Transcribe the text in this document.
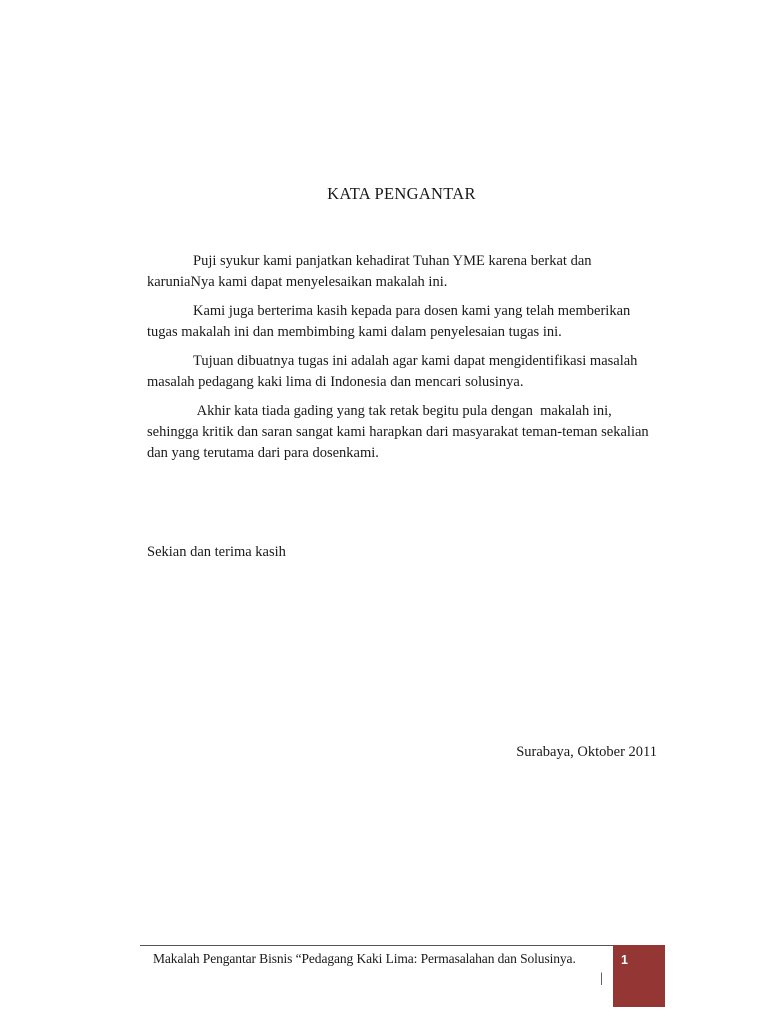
KATA PENGANTAR

Puji syukur kami panjatkan kehadirat Tuhan YME karena berkat dan karuniaNya kami dapat menyelesaikan makalah ini.

Kami juga berterima kasih kepada para dosen kami yang telah memberikan tugas makalah ini dan membimbing kami dalam penyelesaian tugas ini.

Tujuan dibuatnya tugas ini adalah agar kami dapat mengidentifikasi masalah masalah pedagang kaki lima di Indonesia dan mencari solusinya.

Akhir kata tiada gading yang tak retak begitu pula dengan  makalah ini, sehingga kritik dan saran sangat kami harapkan dari masyarakat teman-teman sekalian dan yang terutama dari para dosenkami.

Sekian dan terima kasih
Surabaya, Oktober 2011
Makalah Pengantar Bisnis “Pedagang Kaki Lima: Permasalahan dan Solusinya.
|
1
